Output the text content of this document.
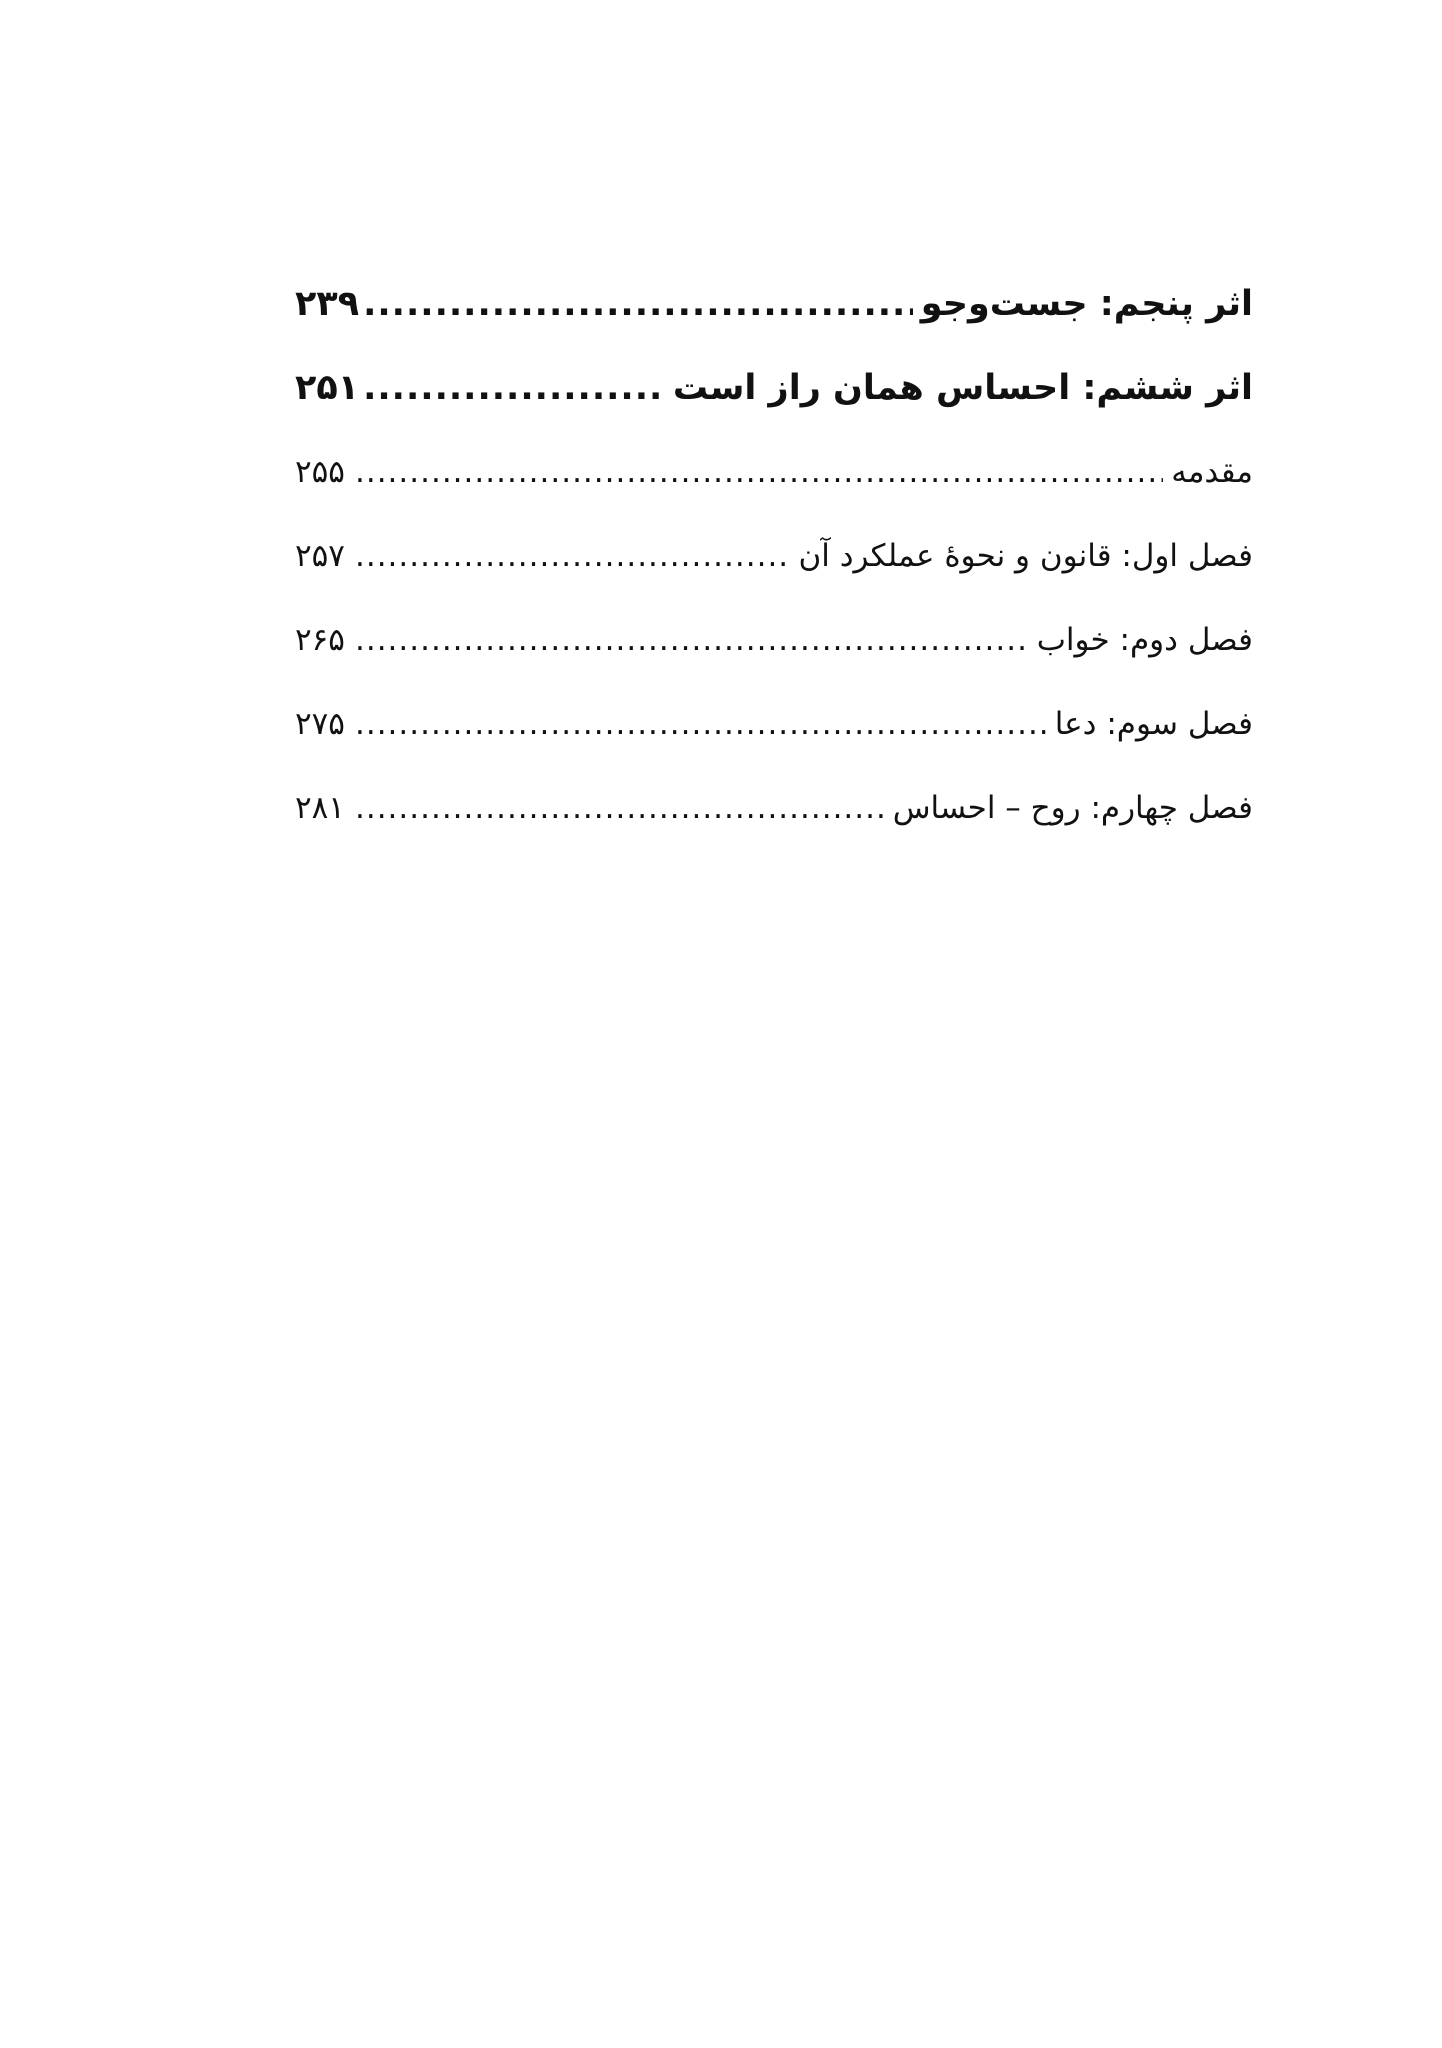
اثر پنجم: جست‌وجو
.....
۲۳۹
اثر ششم: احساس همان راز است
.....
۲۵۱
مقدمه
.....
۲۵۵
فصل اول: قانون و نحوۀ عملکرد آن
.....
۲۵۷
فصل دوم: خواب
.....
۲۶۵
فصل سوم: دعا
.....
۲۷۵
فصل چهارم: روح – احساس
.....
۲۸۱
